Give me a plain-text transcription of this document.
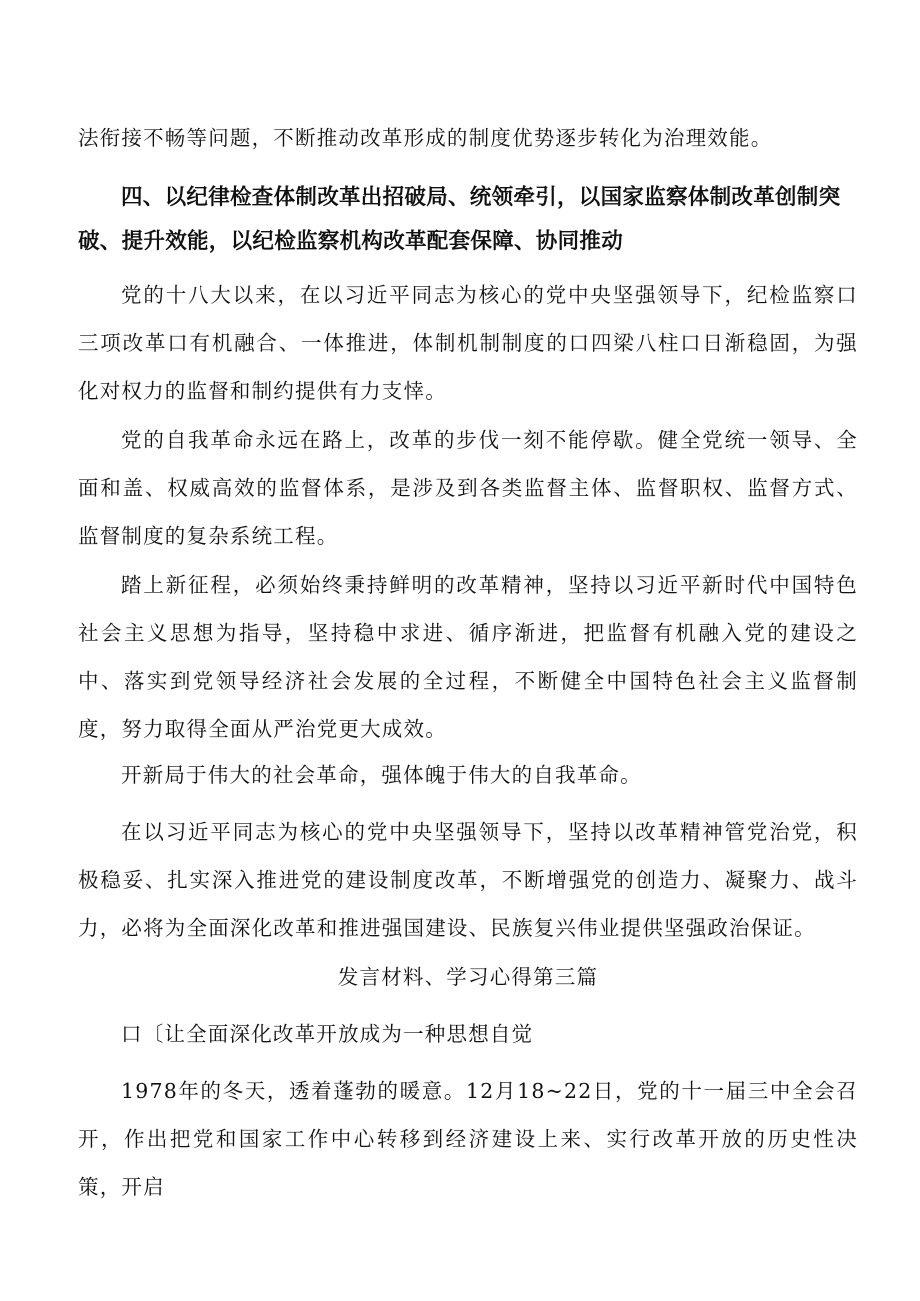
法衔接不畅等问题，不断推动改革形成的制度优势逐步转化为治理效能。

四、以纪律检查体制改革出招破局、统领牵引，以国家监察体制改革创制突破、提升效能，以纪检监察机构改革配套保障、协同推动

党的十八大以来，在以习近平同志为核心的党中央坚强领导下，纪检监察口三项改革口有机融合、一体推进，体制机制制度的口四梁八柱口日渐稳固，为强化对权力的监督和制约提供有力支悻。

党的自我革命永远在路上，改革的步伐一刻不能停歇。健全党统一领导、全面和盖、权威高效的监督体系，是涉及到各类监督主体、监督职权、监督方式、监督制度的复杂系统工程。

踏上新征程，必须始终秉持鲜明的改革精神，坚持以习近平新时代中国特色社会主义思想为指导，坚持稳中求进、循序渐进，把监督有机融入党的建设之中、落实到党领导经济社会发展的全过程，不断健全中国特色社会主义监督制度，努力取得全面从严治党更大成效。

开新局于伟大的社会革命，强体魄于伟大的自我革命。

在以习近平同志为核心的党中央坚强领导下，坚持以改革精神管党治党，积极稳妥、扎实深入推进党的建设制度改革，不断增强党的创造力、凝聚力、战斗力，必将为全面深化改革和推进强国建设、民族复兴伟业提供坚强政治保证。

发言材料、学习心得第三篇

口〔让全面深化改革开放成为一种思想自觉

1978年的冬天，透着蓬勃的暖意。12月18~22日，党的十一届三中全会召开，作出把党和国家工作中心转移到经济建设上来、实行改革开放的历史性决策，开启
